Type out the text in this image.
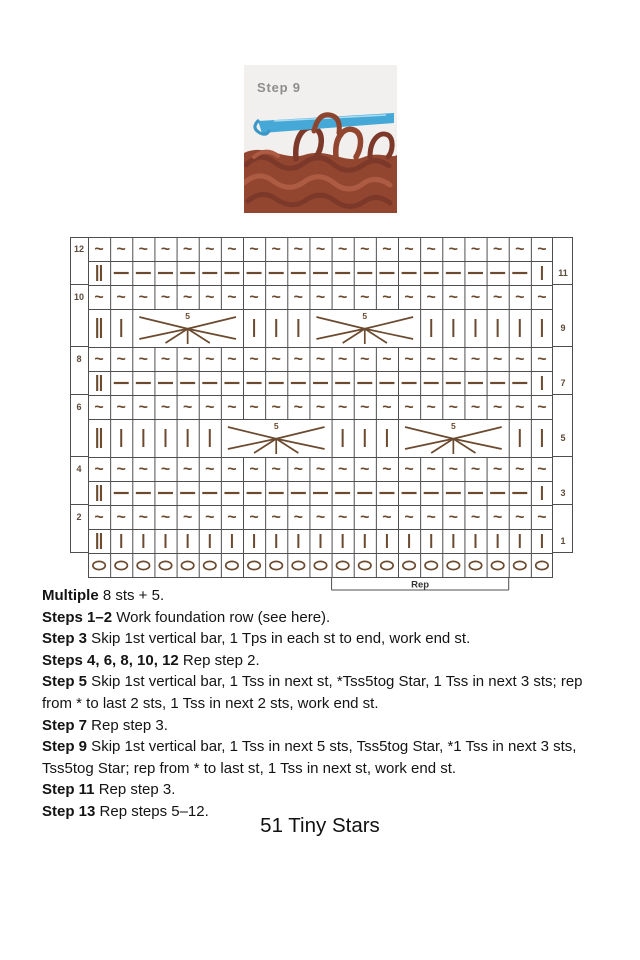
Step 9
~ ~ ~ ~ ~ ~ ~ ~ ~ ~ ~ ~ ~ ~ ~ ~ ~ ~ ~ ~ ~
~ ~ ~ ~ ~ ~ ~ ~ ~ ~ ~ ~ ~ ~ ~ ~ ~ ~ ~ ~ ~
5	5
~ ~ ~ ~ ~ ~ ~ ~ ~ ~ ~ ~ ~ ~ ~ ~ ~ ~ ~ ~ ~
~ ~ ~ ~ ~ ~ ~ ~ ~ ~ ~ ~ ~ ~ ~ ~ ~ ~ ~ ~ ~
5	5
~ ~ ~ ~ ~ ~ ~ ~ ~ ~ ~ ~ ~ ~ ~ ~ ~ ~ ~ ~ ~
~ ~ ~ ~ ~ ~ ~ ~ ~ ~ ~ ~ ~ ~ ~ ~ ~ ~ ~ ~ ~
12
11
10
9
8
7
6
5
4
3
2
1
Rep

Multiple 8 sts + 5.

Steps 1–2 Work foundation row (see here).

Step 3 Skip 1st vertical bar, 1 Tps in each st to end, work end st.

Steps 4, 6, 8, 10, 12 Rep step 2.

Step 5 Skip 1st vertical bar, 1 Tss in next st, *Tss5tog Star, 1 Tss in next 3 sts; rep from * to last 2 sts, 1 Tss in next 2 sts, work end st.

Step 7 Rep step 3.

Step 9 Skip 1st vertical bar, 1 Tss in next 5 sts, Tss5tog Star, *1 Tss in next 3 sts, Tss5tog Star; rep from * to last st, 1 Tss in next st, work end st.

Step 11 Rep step 3.

Step 13 Rep steps 5–12.

51 Tiny Stars
